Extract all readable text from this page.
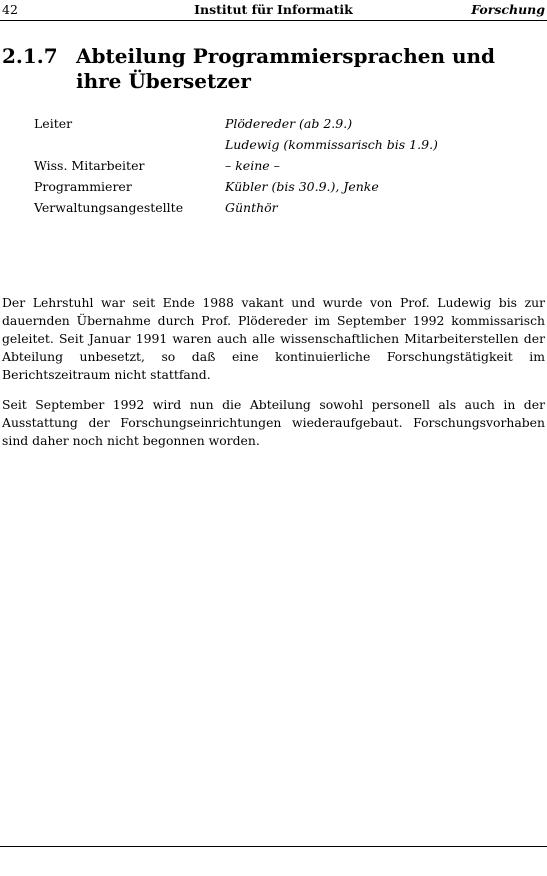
42	Institut für Informatik	Forschung
2.1.7 Abteilung Programmiersprachen und ihre Übersetzer
Leiter	Plödereder (ab 2.9.)
Ludewig (kommissarisch bis 1.9.)
Wiss. Mitarbeiter	– keine –
Programmierer	Kübler (bis 30.9.), Jenke
Verwaltungsangestellte	Günthör

Der Lehrstuhl war seit Ende 1988 vakant und wurde von Prof. Ludewig bis zur dauernden Übernahme durch Prof. Plödereder im September 1992 kommissarisch geleitet. Seit Januar 1991 waren auch alle wissenschaftlichen Mitarbeiterstellen der Abteilung unbesetzt, so daß eine kontinuierliche Forschungstätigkeit im Berichtszeitraum nicht stattfand.

Seit September 1992 wird nun die Abteilung sowohl personell als auch in der Ausstattung der Forschungseinrichtungen wiederaufgebaut. Forschungsvorhaben sind daher noch nicht begonnen worden.
